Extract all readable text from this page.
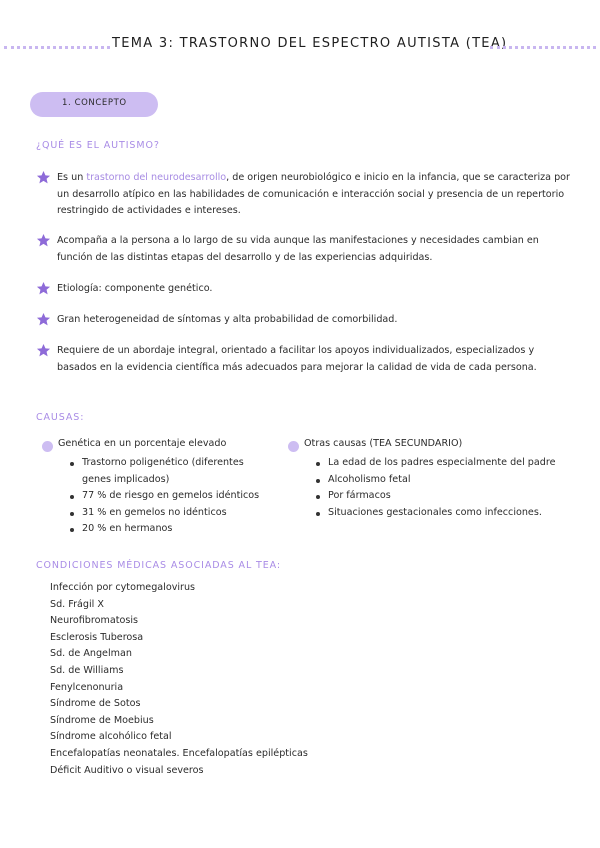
TEMA 3: TRASTORNO DEL ESPECTRO AUTISTA (TEA)
1. CONCEPTO
¿QUÉ ES EL AUTISMO?
Es un trastorno del neurodesarrollo, de origen neurobiológico e inicio en la infancia, que se caracteriza por un desarrollo atípico en las habilidades de comunicación e interacción social y presencia de un repertorio restringido de actividades e intereses.
Acompaña a la persona a lo largo de su vida aunque las manifestaciones y necesidades cambian en función de las distintas etapas del desarrollo y de las experiencias adquiridas.
Etiología: componente genético.
Gran heterogeneidad de síntomas y alta probabilidad de comorbilidad.
Requiere de un abordaje integral, orientado a facilitar los apoyos individualizados, especializados y basados en la evidencia científica más adecuados para mejorar la calidad de vida de cada persona.
CAUSAS:
Genética en un porcentaje elevado
Trastorno poligenético (diferentes
genes implicados)
77 % de riesgo en gemelos idénticos
31 % en gemelos no idénticos
20 % en hermanos
Otras causas (TEA SECUNDARIO)
La edad de los padres especialmente del padre
Alcoholismo fetal
Por fármacos
Situaciones gestacionales como infecciones.
CONDICIONES MÉDICAS ASOCIADAS AL TEA:
Infección por cytomegalovirus
Sd. Frágil X
Neurofibromatosis
Esclerosis Tuberosa
Sd. de Angelman
Sd. de Williams
Fenylcenonuria
Síndrome de Sotos
Síndrome de Moebius
Síndrome alcohólico fetal
Encefalopatías neonatales. Encefalopatías epilépticas
Déficit Auditivo o visual severos
